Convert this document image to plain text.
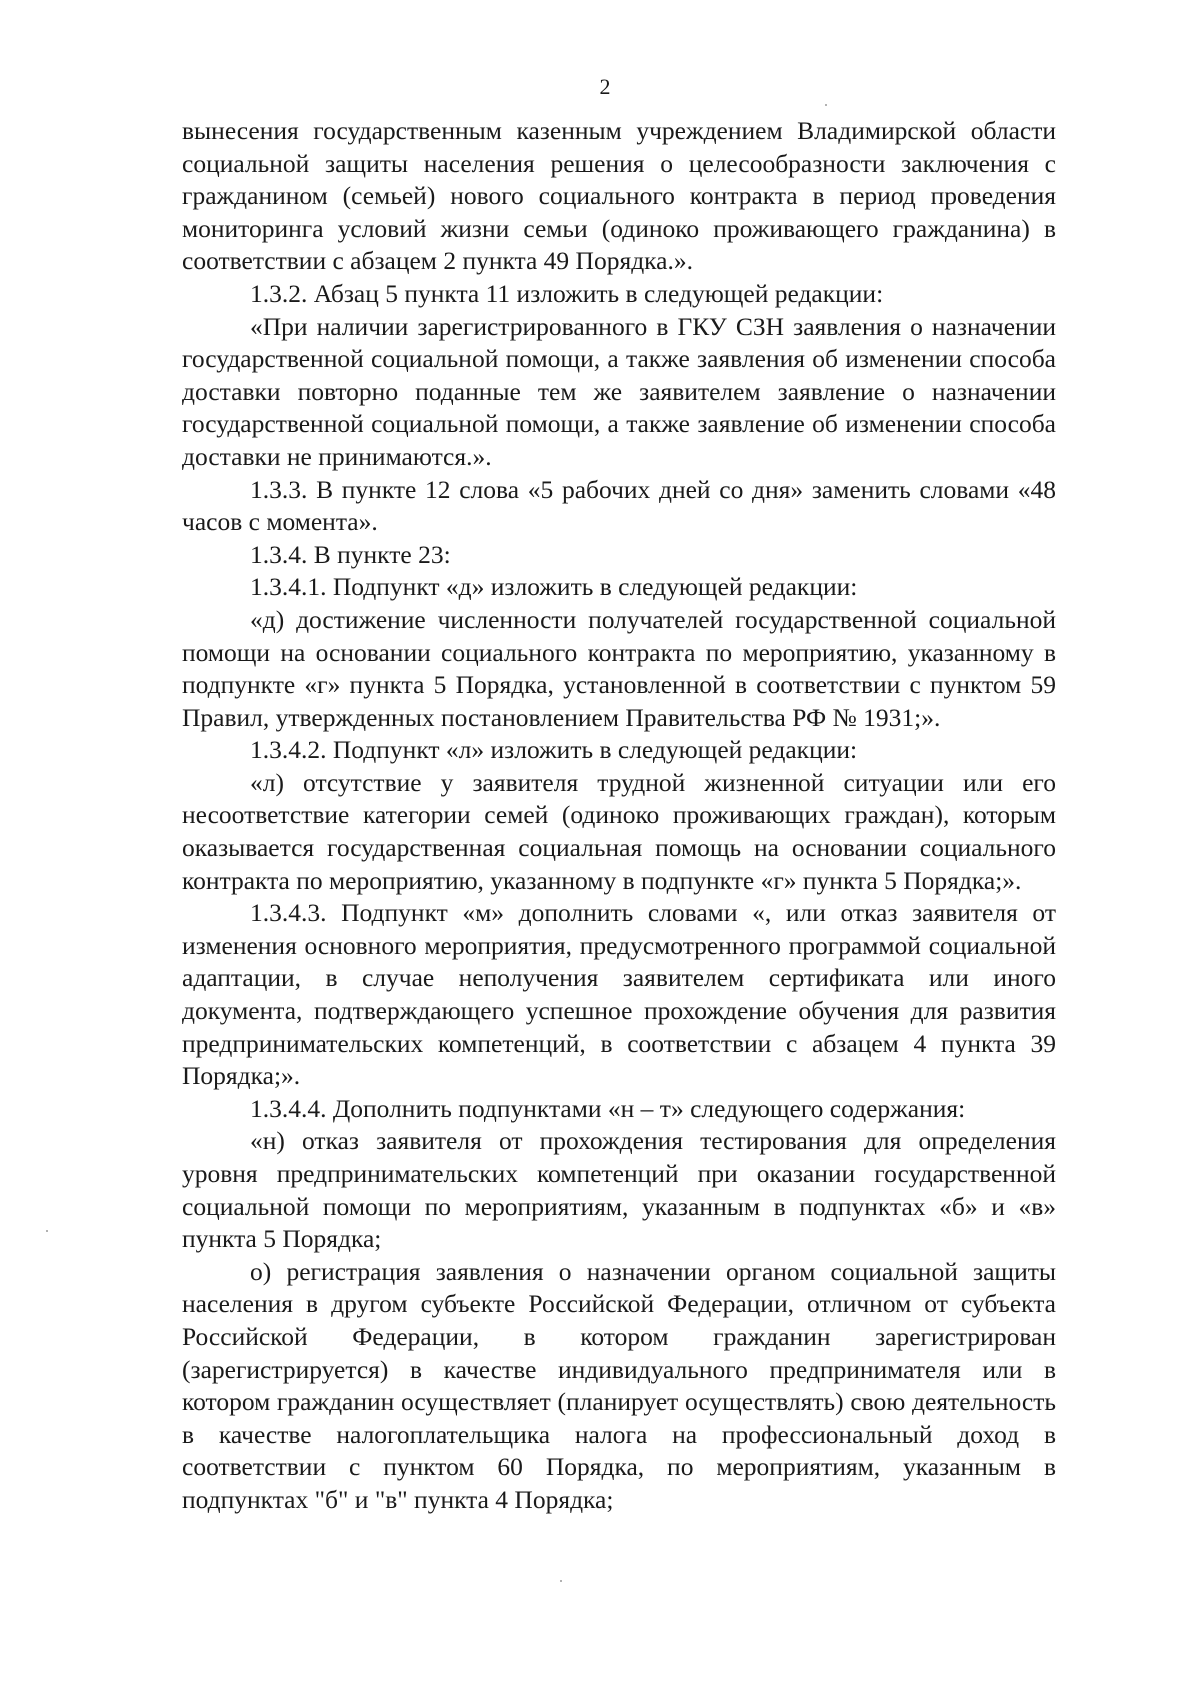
2

вынесения государственным казенным учреждением Владимирской области социальной защиты населения решения о целесообразности заключения с гражданином (семьей) нового социального контракта в период проведения мониторинга условий жизни семьи (одиноко проживающего гражданина) в соответствии с абзацем 2 пункта 49 Порядка.».

1.3.2. Абзац 5 пункта 11 изложить в следующей редакции:

«При наличии зарегистрированного в ГКУ СЗН заявления о назначении государственной социальной помощи, а также заявления об изменении способа доставки повторно поданные тем же заявителем заявление о назначении государственной социальной помощи, а также заявление об изменении способа доставки не принимаются.».

1.3.3. В пункте 12 слова «5 рабочих дней со дня» заменить словами «48 часов с момента».

1.3.4. В пункте 23:

1.3.4.1. Подпункт «д» изложить в следующей редакции:

«д) достижение численности получателей государственной социальной помощи на основании социального контракта по мероприятию, указанному в подпункте «г» пункта 5 Порядка, установленной в соответствии с пунктом 59 Правил, утвержденных постановлением Правительства РФ № 1931;».

1.3.4.2. Подпункт «л» изложить в следующей редакции:

«л) отсутствие у заявителя трудной жизненной ситуации или его несоответствие категории семей (одиноко проживающих граждан), которым оказывается государственная социальная помощь на основании социального контракта по мероприятию, указанному в подпункте «г» пункта 5 Порядка;».

1.3.4.3. Подпункт «м» дополнить словами «, или отказ заявителя от изменения основного мероприятия, предусмотренного программой социальной адаптации, в случае неполучения заявителем сертификата или иного документа, подтверждающего успешное прохождение обучения для развития предпринимательских компетенций, в соответствии с абзацем 4 пункта 39 Порядка;».

1.3.4.4. Дополнить подпунктами «н – т» следующего содержания:

«н) отказ заявителя от прохождения тестирования для определения уровня предпринимательских компетенций при оказании государственной социальной помощи по мероприятиям, указанным в подпунктах «б» и «в» пункта 5 Порядка;

о) регистрация заявления о назначении органом социальной защиты населения в другом субъекте Российской Федерации, отличном от субъекта Российской Федерации, в котором гражданин зарегистрирован (зарегистрируется) в качестве индивидуального предпринимателя или в котором гражданин осуществляет (планирует осуществлять) свою деятельность в качестве налогоплательщика налога на профессиональный доход в соответствии с пунктом 60 Порядка, по мероприятиям, указанным в подпунктах "б" и "в" пункта 4 Порядка;
